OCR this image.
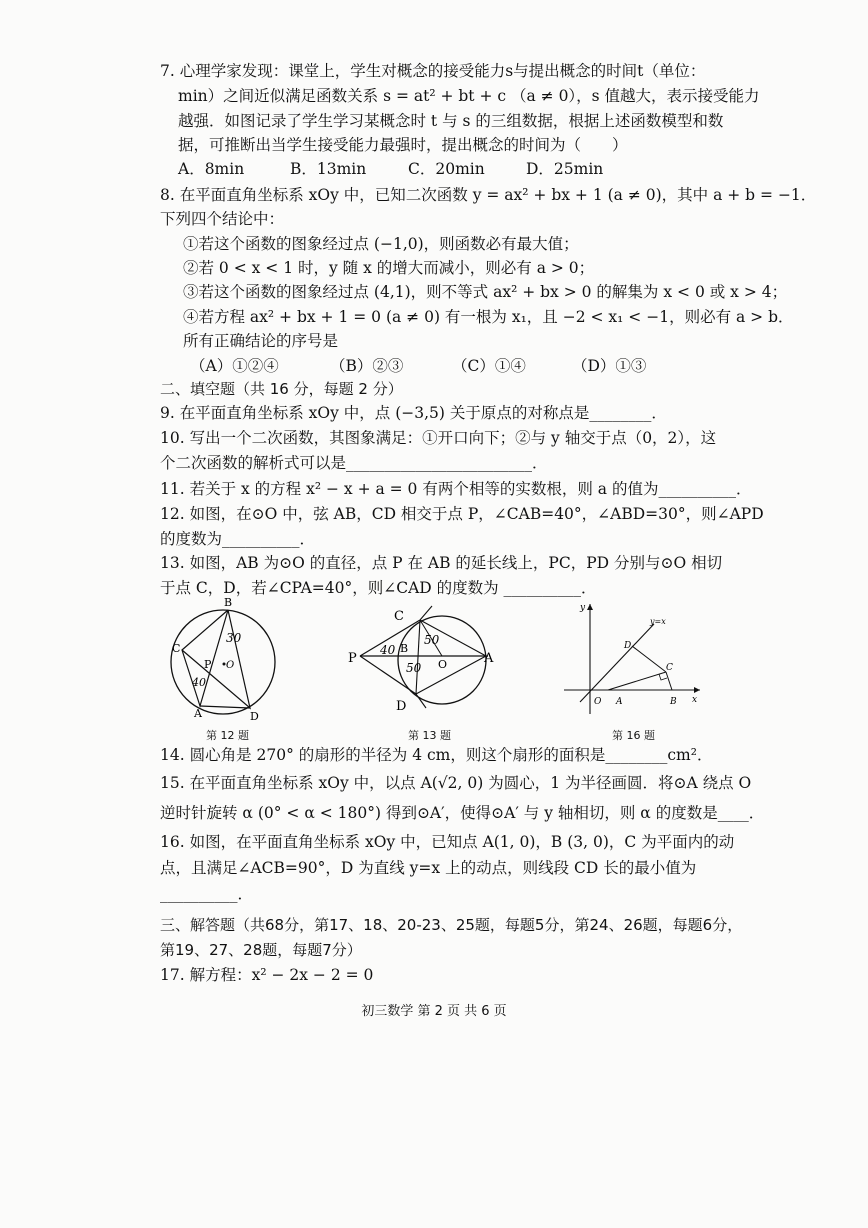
7. 心理学家发现：课堂上，学生对概念的接受能力s与提出概念的时间t（单位：
min）之间近似满足函数关系 s = at² + bt + c （a ≠ 0），s 值越大，表示接受能力
越强．如图记录了学生学习某概念时 t 与 s 的三组数据，根据上述函数模型和数
据，可推断出当学生接受能力最强时，提出概念的时间为（　　）
A．8min	B．13min	C．20min	D．25min
8. 在平面直角坐标系 xOy 中，已知二次函数 y = ax² + bx + 1 (a ≠ 0)，其中 a + b = −1．
下列四个结论中：
①若这个函数的图象经过点 (−1,0)，则函数必有最大值；
②若 0 < x < 1 时，y 随 x 的增大而减小，则必有 a > 0；
③若这个函数的图象经过点 (4,1)，则不等式 ax² + bx > 0 的解集为 x < 0 或 x > 4；
④若方程 ax² + bx + 1 = 0 (a ≠ 0) 有一根为 x₁，且 −2 < x₁ < −1，则必有 a > b．
所有正确结论的序号是
（A）①②④	（B）②③	（C）①④	（D）①③
二、填空题（共 16 分，每题 2 分）
9. 在平面直角坐标系 xOy 中，点 (−3,5) 关于原点的对称点是________．
10. 写出一个二次函数，其图象满足：①开口向下；②与 y 轴交于点（0，2），这
个二次函数的解析式可以是________________________．
11. 若关于 x 的方程 x² − x + a = 0 有两个相等的实数根，则 a 的值为__________．
12. 如图，在⊙O 中，弦 AB，CD 相交于点 P，∠CAB=40°，∠ABD=30°，则∠APD
的度数为__________．
13. 如图，AB 为⊙O 的直径，点 P 在 AB 的延长线上，PC，PD 分别与⊙O 相切
于点 C，D，若∠CPA=40°，则∠CAD 的度数为 __________．
B
C
P O
A	D
30
40
第 12 题
C
P
B
O	A
D
40
50
50
第 13 题
y
y=x
D
C
O A	B x
第 16 题
14. 圆心角是 270° 的扇形的半径为 4 cm，则这个扇形的面积是________cm²．
15. 在平面直角坐标系 xOy 中，以点 A(√2, 0) 为圆心，1 为半径画圆．将⊙A 绕点 O
逆时针旋转 α (0° < α < 180°) 得到⊙A′，使得⊙A′ 与 y 轴相切，则 α 的度数是____．
16. 如图，在平面直角坐标系 xOy 中，已知点 A(1, 0)，B (3, 0)，C 为平面内的动
点，且满足∠ACB=90°，D 为直线 y=x 上的动点，则线段 CD 长的最小值为
__________．
三、解答题（共68分，第17、18、20-23、25题，每题5分，第24、26题，每题6分，
第19、27、28题，每题7分）
17. 解方程：x² − 2x − 2 = 0
初三数学 第 2 页 共 6 页
